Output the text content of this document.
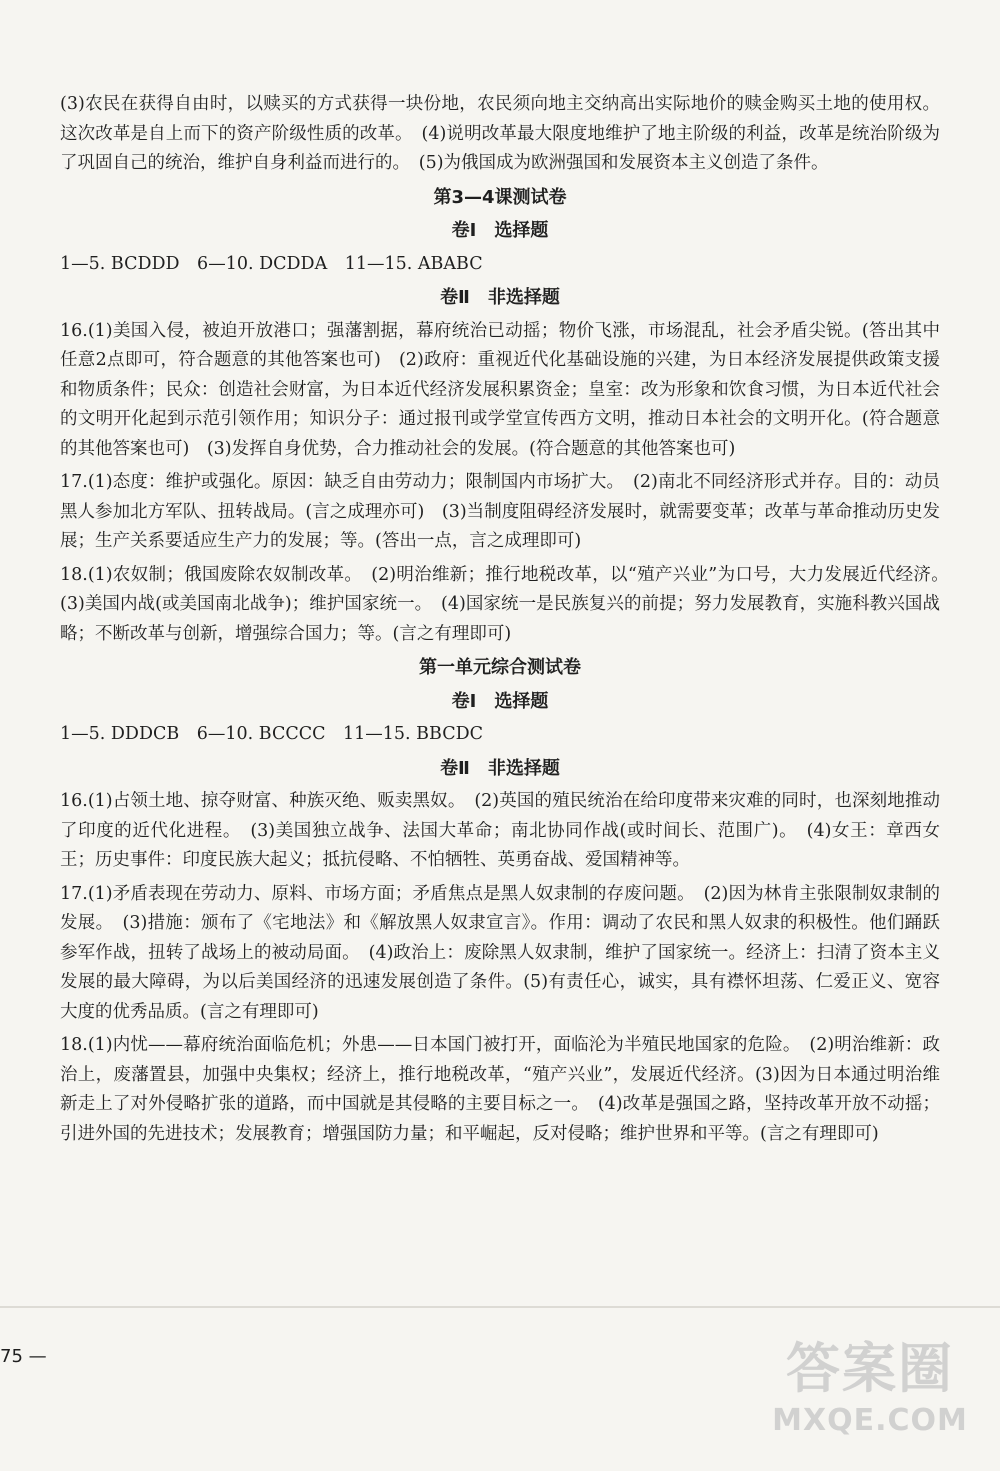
(3)农民在获得自由时，以赎买的方式获得一块份地，农民须向地主交纳高出实际地价的赎金购买土地的使用权。这次改革是自上而下的资产阶级性质的改革。　(4)说明改革最大限度地维护了地主阶级的利益，改革是统治阶级为了巩固自己的统治，维护自身利益而进行的。　(5)为俄国成为欧洲强国和发展资本主义创造了条件。
第3—4课测试卷
卷Ⅰ　选择题
1—5. BCDDD　6—10. DCDDA　11—15. ABABC
卷Ⅱ　非选择题
16.(1)美国入侵，被迫开放港口；强藩割据，幕府统治已动摇；物价飞涨，市场混乱，社会矛盾尖锐。(答出其中任意2点即可，符合题意的其他答案也可)　(2)政府：重视近代化基础设施的兴建，为日本经济发展提供政策支援和物质条件；民众：创造社会财富，为日本近代经济发展积累资金；皇室：改为形象和饮食习惯，为日本近代社会的文明开化起到示范引领作用；知识分子：通过报刊或学堂宣传西方文明，推动日本社会的文明开化。(符合题意的其他答案也可)　(3)发挥自身优势，合力推动社会的发展。(符合题意的其他答案也可)
17.(1)态度：维护或强化。原因：缺乏自由劳动力；限制国内市场扩大。　(2)南北不同经济形式并存。目的：动员黑人参加北方军队、扭转战局。(言之成理亦可)　(3)当制度阻碍经济发展时，就需要变革；改革与革命推动历史发展；生产关系要适应生产力的发展；等。(答出一点，言之成理即可)
18.(1)农奴制；俄国废除农奴制改革。　(2)明治维新；推行地税改革，以“殖产兴业”为口号，大力发展近代经济。　(3)美国内战(或美国南北战争)；维护国家统一。　(4)国家统一是民族复兴的前提；努力发展教育，实施科教兴国战略；不断改革与创新，增强综合国力；等。(言之有理即可)
第一单元综合测试卷
卷Ⅰ　选择题
1—5. DDDCB　6—10. BCCCC　11—15. BBCDC
卷Ⅱ　非选择题
16.(1)占领土地、掠夺财富、种族灭绝、贩卖黑奴。　(2)英国的殖民统治在给印度带来灾难的同时，也深刻地推动了印度的近代化进程。　(3)美国独立战争、法国大革命；南北协同作战(或时间长、范围广)。　(4)女王：章西女王；历史事件：印度民族大起义；抵抗侵略、不怕牺牲、英勇奋战、爱国精神等。
17.(1)矛盾表现在劳动力、原料、市场方面；矛盾焦点是黑人奴隶制的存废问题。　(2)因为林肯主张限制奴隶制的发展。　(3)措施：颁布了《宅地法》和《解放黑人奴隶宣言》。作用：调动了农民和黑人奴隶的积极性。他们踊跃参军作战，扭转了战场上的被动局面。　(4)政治上：废除黑人奴隶制，维护了国家统一。经济上：扫清了资本主义发展的最大障碍，为以后美国经济的迅速发展创造了条件。(5)有责任心，诚实，具有襟怀坦荡、仁爱正义、宽容大度的优秀品质。(言之有理即可)
18.(1)内忧——幕府统治面临危机；外患——日本国门被打开，面临沦为半殖民地国家的危险。　(2)明治维新：政治上，废藩置县，加强中央集权；经济上，推行地税改革，“殖产兴业”，发展近代经济。(3)因为日本通过明治维新走上了对外侵略扩张的道路，而中国就是其侵略的主要目标之一。　(4)改革是强国之路，坚持改革开放不动摇；引进外国的先进技术；发展教育；增强国防力量；和平崛起，反对侵略；维护世界和平等。(言之有理即可)
75 —	答案圈
MXQE.COM
